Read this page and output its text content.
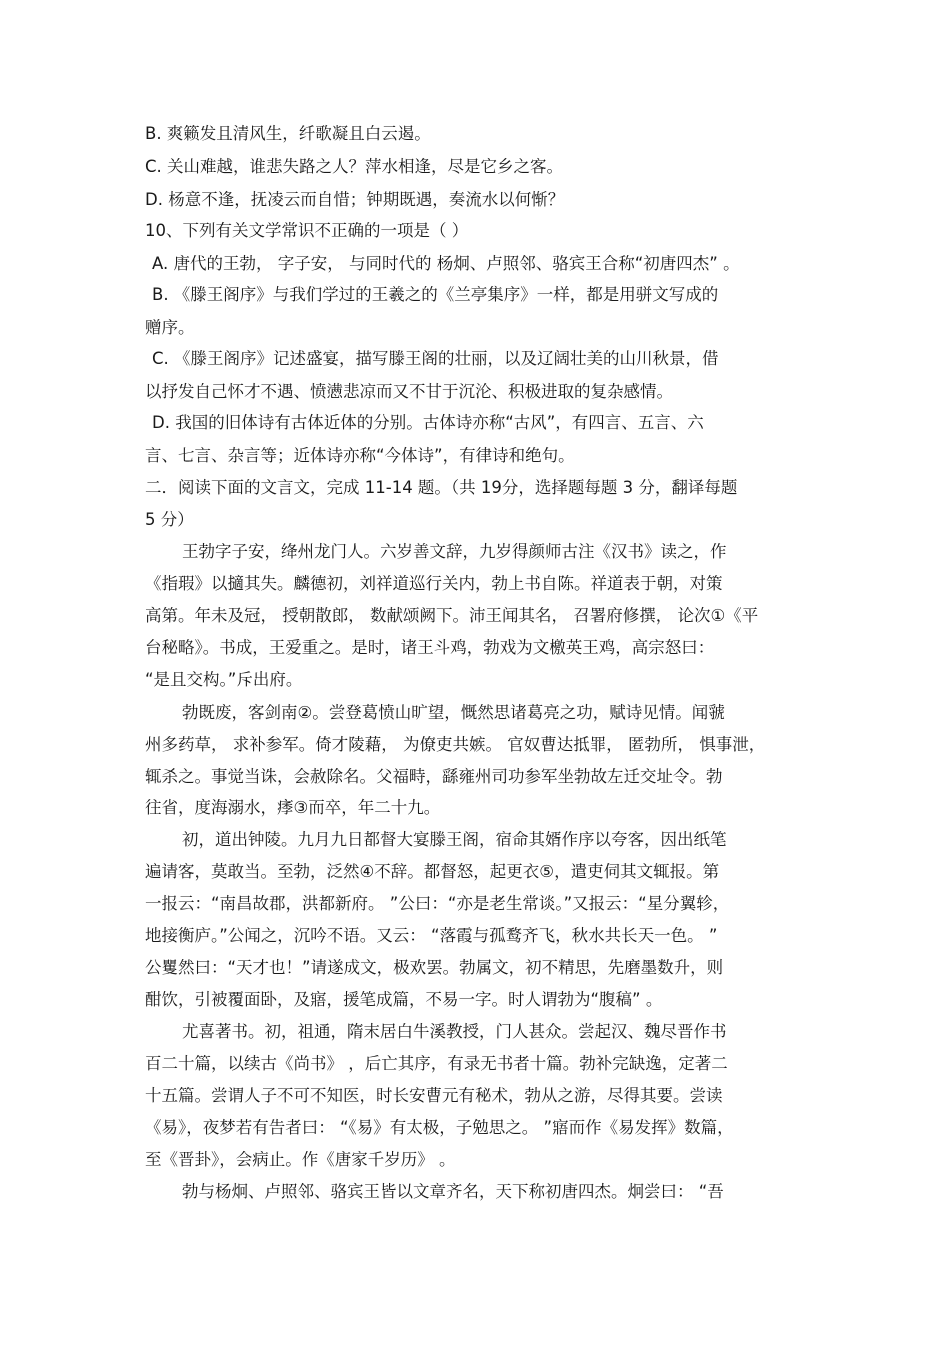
B. 爽籁发且清风生，纤歌凝且白云遏。
C. 关山难越，谁悲失路之人？萍水相逢，尽是它乡之客。
D. 杨意不逢，抚凌云而自惜；钟期既遇，奏流水以何惭？
10、下列有关文学常识不正确的一项是（ ）
A. 唐代的王勃， 字子安， 与同时代的 杨炯、卢照邻、骆宾王合称“初唐四杰” 。
B. 《滕王阁序》与我们学过的王羲之的《兰亭集序》一样，都是用骈文写成的
赠序。
C. 《滕王阁序》记述盛宴，描写滕王阁的壮丽，以及辽阔壮美的山川秋景，借
以抒发自己怀才不遇、愤懑悲凉而又不甘于沉沦、积极进取的复杂感情。
D. 我国的旧体诗有古体近体的分别。古体诗亦称“古风”，有四言、五言、六
言、七言、杂言等；近体诗亦称“今体诗”，有律诗和绝句。
二．阅读下面的文言文，完成 11-14 题。（共 19分，选择题每题 3 分，翻译每题
5 分）
王勃字子安，绛州龙门人。六岁善文辞，九岁得颜师古注《汉书》读之，作
《指瑕》以擿其失。麟德初，刘祥道巡行关内，勃上书自陈。祥道表于朝，对策
高第。年未及冠， 授朝散郎， 数献颂阙下。沛王闻其名， 召署府修撰， 论次①《平
台秘略》。书成，王爱重之。是时，诸王斗鸡，勃戏为文檄英王鸡，高宗怒曰：
“是且交构。”斥出府。
勃既废，客剑南②。尝登葛愤山旷望，慨然思诸葛亮之功，赋诗见情。闻虢
州多药草， 求补参军。倚才陵藉， 为僚吏共嫉。 官奴曹达抵罪， 匿勃所， 惧事泄，
辄杀之。事觉当诛，会赦除名。父福畤，繇雍州司功参军坐勃故左迁交址令。勃
往省，度海溺水，痵③而卒，年二十九。
初，道出钟陵。九月九日都督大宴滕王阁，宿命其婿作序以夸客，因出纸笔
遍请客，莫敢当。至勃，泛然④不辞。都督怒，起更衣⑤，遣吏伺其文辄报。第
一报云：“南昌故郡，洪都新府。 ”公曰：“亦是老生常谈。”又报云：“星分翼轸，
地接衡庐。”公闻之，沉吟不语。又云： “落霞与孤鹜齐飞，秋水共长天一色。 ”
公矍然曰：“天才也！”请遂成文，极欢罢。勃属文，初不精思，先磨墨数升，则
酣饮，引被覆面卧，及寤，援笔成篇，不易一字。时人谓勃为“腹稿” 。
尤喜著书。初，祖通，隋末居白牛溪教授，门人甚众。尝起汉、魏尽晋作书
百二十篇，以续古《尚书》 ，后亡其序，有录无书者十篇。勃补完缺逸，定著二
十五篇。尝谓人子不可不知医，时长安曹元有秘术，勃从之游，尽得其要。尝读
《易》，夜梦若有告者曰： “《易》有太极，子勉思之。 ”寤而作《易发挥》数篇，
至《晋卦》，会病止。作《唐家千岁历》 。
勃与杨炯、卢照邻、骆宾王皆以文章齐名，天下称初唐四杰。炯尝曰： “吾
